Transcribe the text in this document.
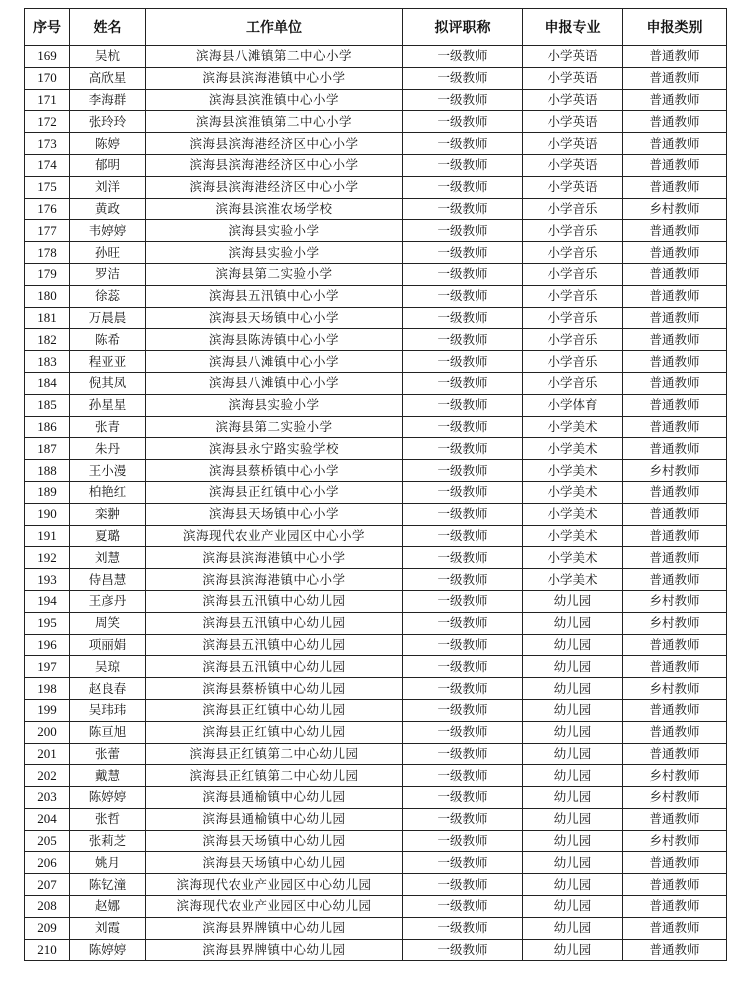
序号	姓名	工作单位	拟评职称	申报专业	申报类别
169	吴杭	滨海县八滩镇第二中心小学	一级教师	小学英语	普通教师
170	高欣星	滨海县滨海港镇中心小学	一级教师	小学英语	普通教师
171	李海群	滨海县滨淮镇中心小学	一级教师	小学英语	普通教师
172	张玲玲	滨海县滨淮镇第二中心小学	一级教师	小学英语	普通教师
173	陈婷	滨海县滨海港经济区中心小学	一级教师	小学英语	普通教师
174	郁明	滨海县滨海港经济区中心小学	一级教师	小学英语	普通教师
175	刘洋	滨海县滨海港经济区中心小学	一级教师	小学英语	普通教师
176	黄政	滨海县滨淮农场学校	一级教师	小学音乐	乡村教师
177	韦婷婷	滨海县实验小学	一级教师	小学音乐	普通教师
178	孙旺	滨海县实验小学	一级教师	小学音乐	普通教师
179	罗洁	滨海县第二实验小学	一级教师	小学音乐	普通教师
180	徐蕊	滨海县五汛镇中心小学	一级教师	小学音乐	普通教师
181	万晨晨	滨海县天场镇中心小学	一级教师	小学音乐	普通教师
182	陈希	滨海县陈涛镇中心小学	一级教师	小学音乐	普通教师
183	程亚亚	滨海县八滩镇中心小学	一级教师	小学音乐	普通教师
184	倪其凤	滨海县八滩镇中心小学	一级教师	小学音乐	普通教师
185	孙星星	滨海县实验小学	一级教师	小学体育	普通教师
186	张青	滨海县第二实验小学	一级教师	小学美术	普通教师
187	朱丹	滨海县永宁路实验学校	一级教师	小学美术	普通教师
188	王小漫	滨海县蔡桥镇中心小学	一级教师	小学美术	乡村教师
189	柏艳红	滨海县正红镇中心小学	一级教师	小学美术	普通教师
190	栾翀	滨海县天场镇中心小学	一级教师	小学美术	普通教师
191	夏璐	滨海现代农业产业园区中心小学	一级教师	小学美术	普通教师
192	刘慧	滨海县滨海港镇中心小学	一级教师	小学美术	普通教师
193	侍昌慧	滨海县滨海港镇中心小学	一级教师	小学美术	普通教师
194	王彦丹	滨海县五汛镇中心幼儿园	一级教师	幼儿园	乡村教师
195	周笑	滨海县五汛镇中心幼儿园	一级教师	幼儿园	乡村教师
196	项丽娟	滨海县五汛镇中心幼儿园	一级教师	幼儿园	普通教师
197	吴琼	滨海县五汛镇中心幼儿园	一级教师	幼儿园	普通教师
198	赵良春	滨海县蔡桥镇中心幼儿园	一级教师	幼儿园	乡村教师
199	吴玮玮	滨海县正红镇中心幼儿园	一级教师	幼儿园	普通教师
200	陈亘旭	滨海县正红镇中心幼儿园	一级教师	幼儿园	普通教师
201	张蕾	滨海县正红镇第二中心幼儿园	一级教师	幼儿园	普通教师
202	戴慧	滨海县正红镇第二中心幼儿园	一级教师	幼儿园	乡村教师
203	陈婷婷	滨海县通榆镇中心幼儿园	一级教师	幼儿园	乡村教师
204	张哲	滨海县通榆镇中心幼儿园	一级教师	幼儿园	普通教师
205	张莉芝	滨海县天场镇中心幼儿园	一级教师	幼儿园	乡村教师
206	姚月	滨海县天场镇中心幼儿园	一级教师	幼儿园	普通教师
207	陈钇潼	滨海现代农业产业园区中心幼儿园	一级教师	幼儿园	普通教师
208	赵娜	滨海现代农业产业园区中心幼儿园	一级教师	幼儿园	普通教师
209	刘霞	滨海县界牌镇中心幼儿园	一级教师	幼儿园	普通教师
210	陈婷婷	滨海县界牌镇中心幼儿园	一级教师	幼儿园	普通教师
